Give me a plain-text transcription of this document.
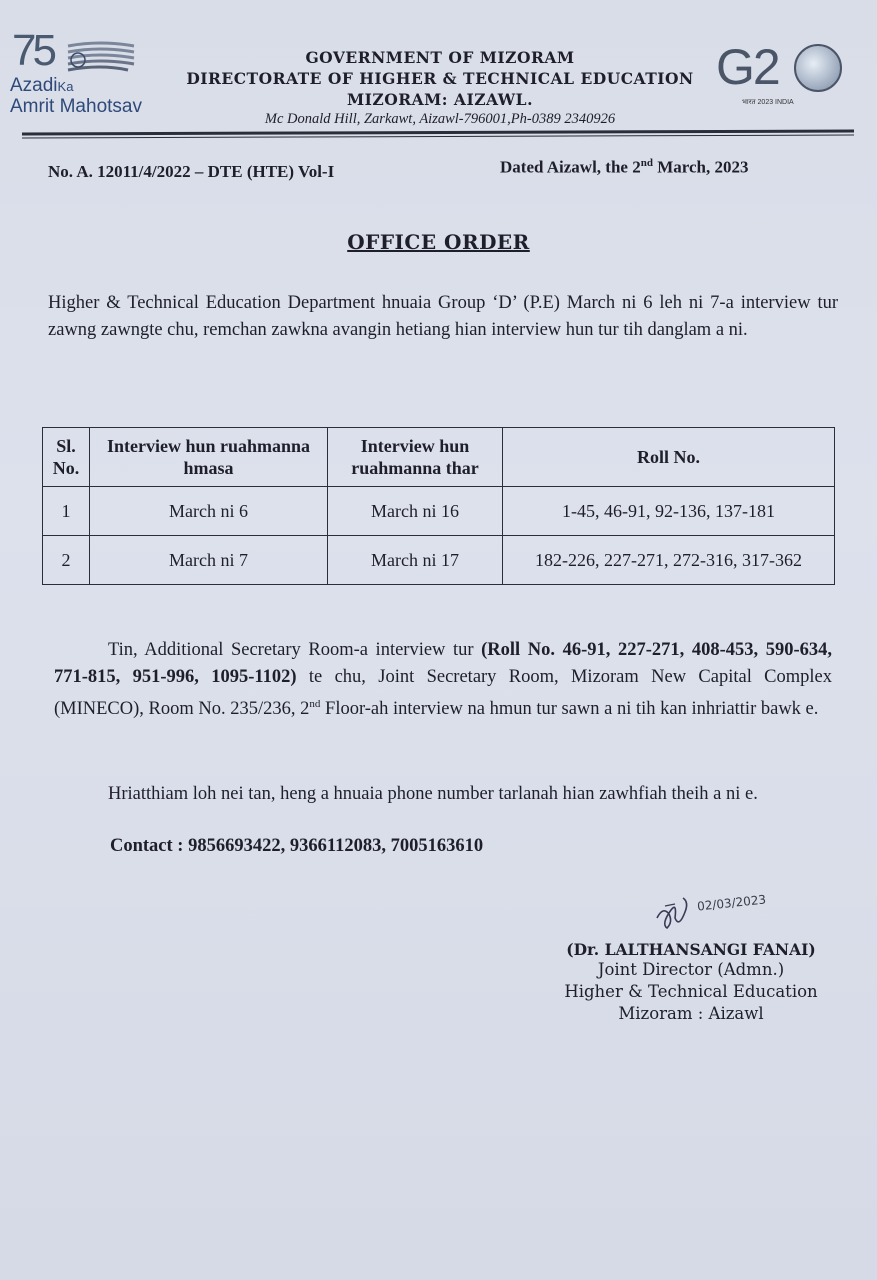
75
AzadiKa
Amrit Mahotsav
GOVERNMENT OF MIZORAM
DIRECTORATE OF HIGHER & TECHNICAL EDUCATION
MIZORAM: AIZAWL.
Mc Donald Hill, Zarkawt, Aizawl-796001,Ph-0389 2340926
G2
भारत 2023 INDIA
No. A. 12011/4/2022 – DTE (HTE) Vol-I	Dated Aizawl, the 2nd March, 2023
OFFICE ORDER
Higher & Technical Education Department hnuaia Group ‘D’ (P.E) March ni 6 leh ni 7-a interview tur zawng zawngte chu, remchan zawkna avangin hetiang hian interview hun tur tih danglam a ni.
Sl. No.	Interview hun ruahmanna hmasa	Interview hun ruahmanna thar	Roll No.
1	March ni 6	March ni 16	1-45, 46-91, 92-136, 137-181
2	March ni 7	March ni 17	182-226, 227-271, 272-316, 317-362
Tin, Additional Secretary Room-a interview tur (Roll No. 46-91, 227-271, 408-453, 590-634, 771-815, 951-996, 1095-1102) te chu, Joint Secretary Room, Mizoram New Capital Complex (MINECO), Room No. 235/236, 2nd Floor-ah interview na hmun tur sawn a ni tih kan inhriattir bawk e.
Hriatthiam loh nei tan, heng a hnuaia phone number tarlanah hian zawhfiah theih a ni e.
Contact : 9856693422, 9366112083, 7005163610
02/03/2023
(Dr. LALTHANSANGI FANAI)
Joint Director (Admn.)
Higher & Technical Education
Mizoram : Aizawl
